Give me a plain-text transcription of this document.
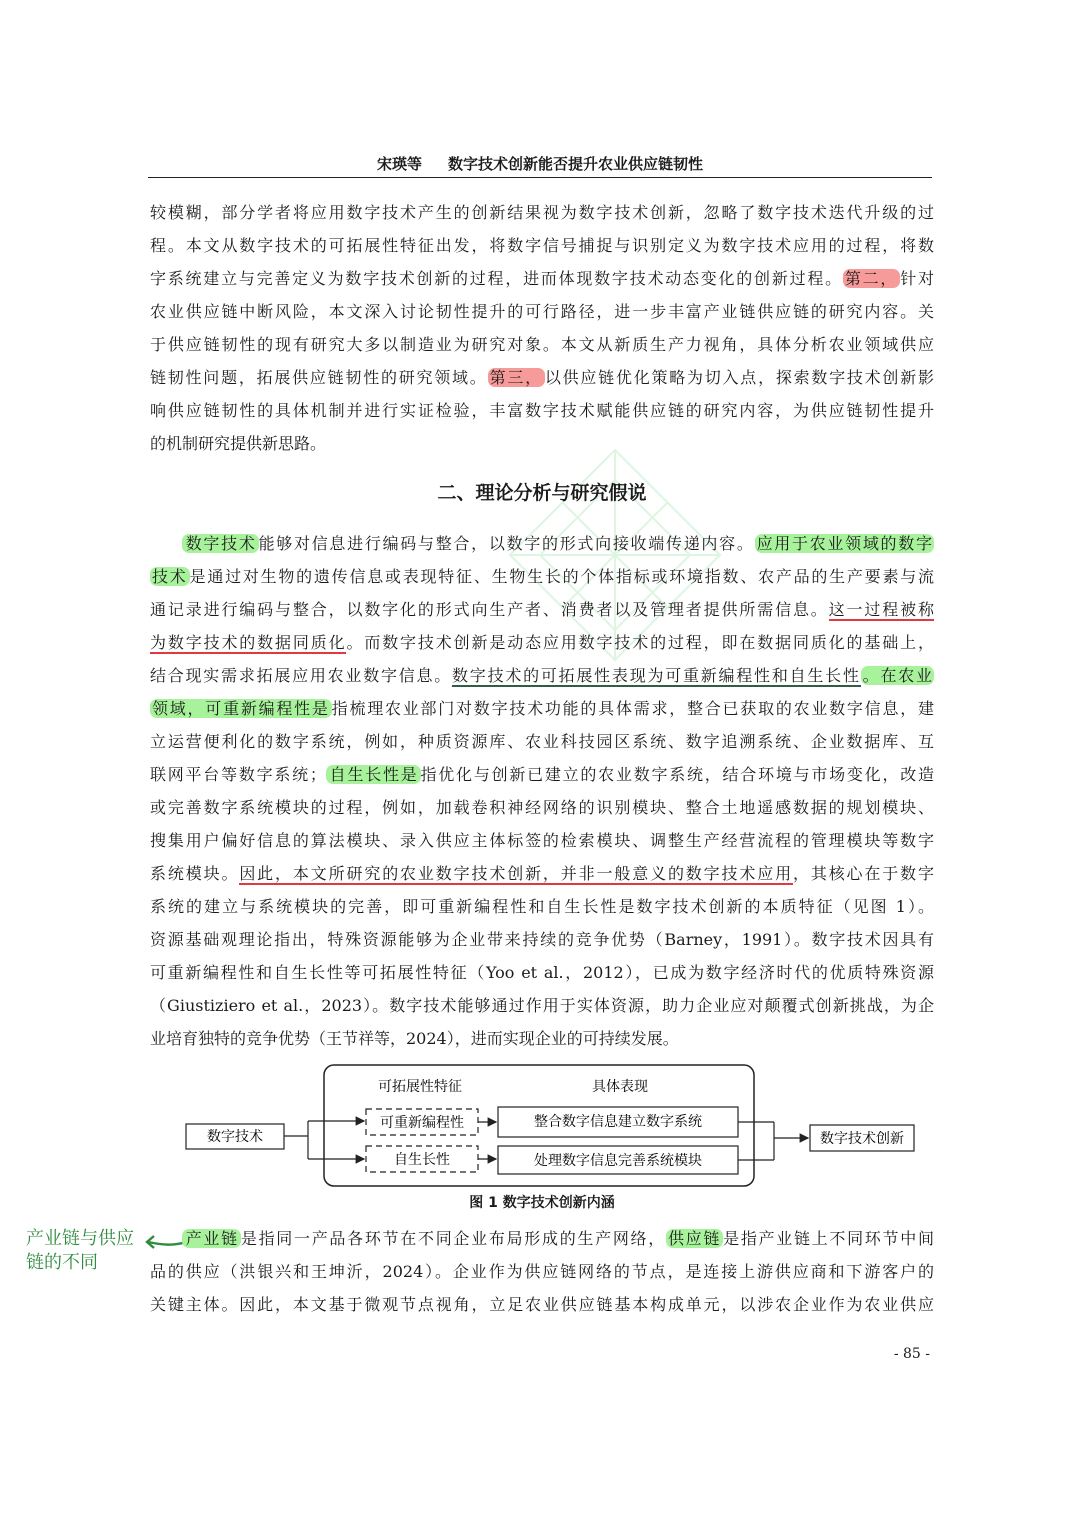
宋瑛等 数字技术创新能否提升农业供应链韧性
较模糊，部分学者将应用数字技术产生的创新结果视为数字技术创新，忽略了数字技术迭代升级的过
程。本文从数字技术的可拓展性特征出发，将数字信号捕捉与识别定义为数字技术应用的过程，将数
字系统建立与完善定义为数字技术创新的过程，进而体现数字技术动态变化的创新过程。 第二， 针对
农业供应链中断风险，本文深入讨论韧性提升的可行路径，进一步丰富产业链供应链的研究内容。关
于供应链韧性的现有研究大多以制造业为研究对象。本文从新质生产力视角，具体分析农业领域供应
链韧性问题，拓展供应链韧性的研究领域。 第三， 以供应链优化策略为切入点，探索数字技术创新影
响供应链韧性的具体机制并进行实证检验，丰富数字技术赋能供应链的研究内容，为供应链韧性提升
的机制研究提供新思路。
二、理论分析与研究假说
数字技术 能够对信息进行编码与整合，以数字的形式向接收端传递内容。 应用于农业领域的数字
技术 是通过对生物的遗传信息或表现特征、生物生长的个体指标或环境指数、农产品的生产要素与流
通记录进行编码与整合，以数字化的形式向生产者、消费者以及管理者提供所需信息。这一过程被称
为数字技术的数据同质化。而数字技术创新是动态应用数字技术的过程，即在数据同质化的基础上，
结合现实需求拓展应用农业数字信息。数字技术的可拓展性表现为可重新编程性和自生长性 。在农业
领域，可重新编程性是 指梳理农业部门对数字技术功能的具体需求，整合已获取的农业数字信息，建
立运营便利化的数字系统，例如，种质资源库、农业科技园区系统、数字追溯系统、企业数据库、互
联网平台等数字系统； 自生长性是 指优化与创新已建立的农业数字系统，结合环境与市场变化，改造
或完善数字系统模块的过程，例如，加载卷积神经网络的识别模块、整合土地遥感数据的规划模块、
搜集用户偏好信息的算法模块、录入供应主体标签的检索模块、调整生产经营流程的管理模块等数字
系统模块。因此，本文所研究的农业数字技术创新，并非一般意义的数字技术应用，其核心在于数字
系统的建立与系统模块的完善，即可重新编程性和自生长性是数字技术创新的本质特征（见图 1）。
资源基础观理论指出，特殊资源能够为企业带来持续的竞争优势（Barney，1991）。数字技术因具有
可重新编程性和自生长性等可拓展性特征（Yoo et al.，2012），已成为数字经济时代的优质特殊资源
（Giustiziero et al.，2023）。数字技术能够通过作用于实体资源，助力企业应对颠覆式创新挑战，为企
业培育独特的竞争优势（王节祥等，2024），进而实现企业的可持续发展。
可拓展性特征	具体表现
数字技术
可重新编程性
自生长性
整合数字信息建立数字系统
处理数字信息完善系统模块
数字技术创新
图 1 数字技术创新内涵
产业链与供应
链的不同
产业链 是指同一产品各环节在不同企业布局形成的生产网络， 供应链 是指产业链上不同环节中间
品的供应（洪银兴和王坤沂，2024）。企业作为供应链网络的节点，是连接上游供应商和下游客户的
关键主体。因此，本文基于微观节点视角，立足农业供应链基本构成单元，以涉农企业作为农业供应
- 85 -
